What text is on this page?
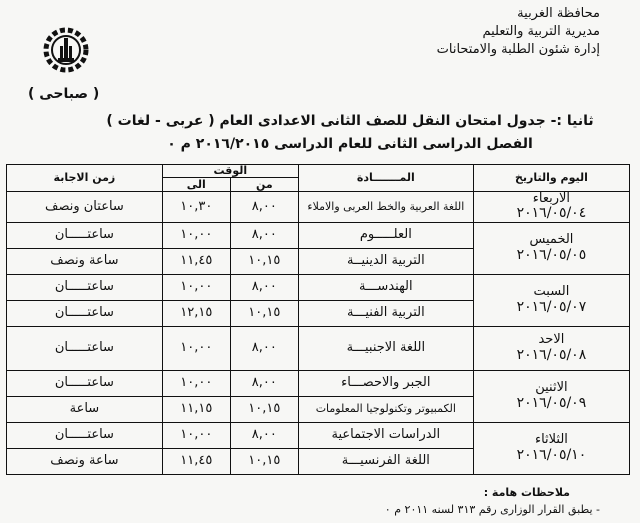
محافظة الغربية
مديرية التربية والتعليم
إدارة شئون الطلبة والامتحانات
( صباحى )
ثانيا :- جدول امتحان النقل للصف الثانى الاعدادى العام ( عربى - لغات )
الفصل الدراسى الثانى للعام الدراسى ٢٠١٦/٢٠١٥ م ٠
اليوم والتاريخ	المـــــــادة	الوقت		زمن الاجابة
		من	الى	

الاربعاء
٢٠١٦/٠٥/٠٤	اللغة العربية والخط العربى والاملاء	٨,٠٠	١٠,٣٠	ساعتان ونصف

الخميس
٢٠١٦/٠٥/٠٥	العلـــــوم	٨,٠٠	١٠,٠٠	ساعتـــــان
	التربية الدينيــة	١٠,١٥	١١,٤٥	ساعة ونصف

السبت
٢٠١٦/٠٥/٠٧	الهندســـة	٨,٠٠	١٠,٠٠	ساعتـــــان
	التربية الفنيـــة	١٠,١٥	١٢,١٥	ساعتـــــان

الاحد
٢٠١٦/٠٥/٠٨	اللغة الاجنبيـــة	٨,٠٠	١٠,٠٠	ساعتـــــان

الاثنين
٢٠١٦/٠٥/٠٩	الجبر والاحصـــاء	٨,٠٠	١٠,٠٠	ساعتـــــان
	الكمبيوتر وتكنولوجيا المعلومات	١٠,١٥	١١,١٥	ساعة

الثلاثاء
٢٠١٦/٠٥/١٠	الدراسات الاجتماعية	٨,٠٠	١٠,٠٠	ساعتـــــان
	اللغة الفرنسيـــة	١٠,١٥	١١,٤٥	ساعة ونصف
ملاحظات هامة :
- يطبق القرار الوزارى رقم ٣١٣ لسنه ٢٠١١ م ٠
